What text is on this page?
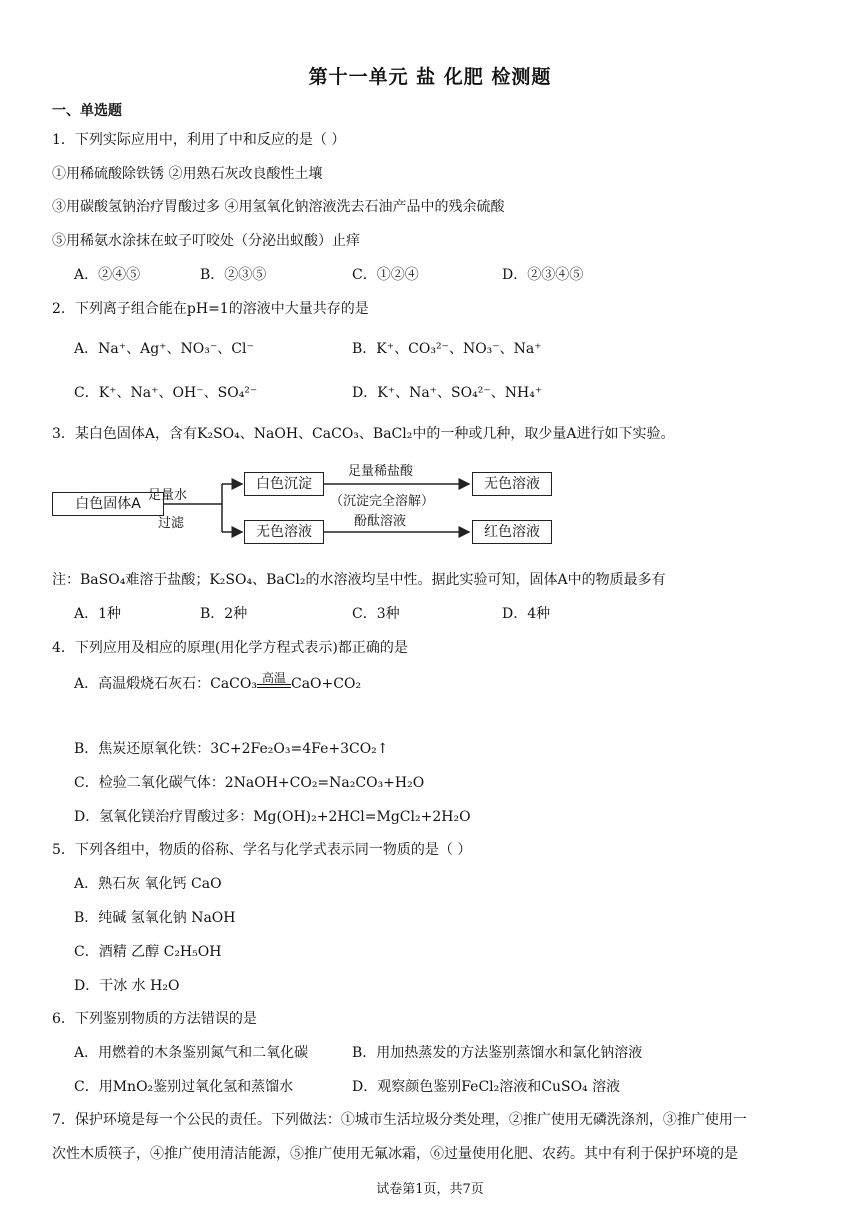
第十一单元 盐 化肥 检测题
一、单选题
1．下列实际应用中，利用了中和反应的是（ ）
①用稀硫酸除铁锈 ②用熟石灰改良酸性土壤
③用碳酸氢钠治疗胃酸过多 ④用氢氧化钠溶液洗去石油产品中的残余硫酸
⑤用稀氨水涂抹在蚊子叮咬处（分泌出蚁酸）止痒
A．②④⑤	B．②③⑤	C．①②④	D．②③④⑤
2．下列离子组合能在pH=1的溶液中大量共存的是
A．Na⁺、Ag⁺、NO₃⁻、Cl⁻	B．K⁺、CO₃²⁻、NO₃⁻、Na⁺
C．K⁺、Na⁺、OH⁻、SO₄²⁻	D．K⁺、Na⁺、SO₄²⁻、NH₄⁺
3．某白色固体A，含有K₂SO₄、NaOH、CaCO₃、BaCl₂中的一种或几种，取少量A进行如下实验。
白色固体A
足量水
过滤
白色沉淀
无色溶液
足量稀盐酸
（沉淀完全溶解）
酚酞溶液
无色溶液
红色溶液
注：BaSO₄难溶于盐酸；K₂SO₄、BaCl₂的水溶液均呈中性。据此实验可知，固体A中的物质最多有
A．1种	B．2种	C．3种	D．4种
4．下列应用及相应的原理(用化学方程式表示)都正确的是
A．高温煅烧石灰石：CaCO₃ 高温 CaO+CO₂
B．焦炭还原氧化铁：3C+2Fe₂O₃=4Fe+3CO₂↑
C．检验二氧化碳气体：2NaOH+CO₂=Na₂CO₃+H₂O
D．氢氧化镁治疗胃酸过多：Mg(OH)₂+2HCl=MgCl₂+2H₂O
5．下列各组中，物质的俗称、学名与化学式表示同一物质的是（ ）
A．熟石灰 氧化钙 CaO
B．纯碱 氢氧化钠 NaOH
C．酒精 乙醇 C₂H₅OH
D．干冰 水 H₂O
6．下列鉴别物质的方法错误的是
A．用燃着的木条鉴别氮气和二氧化碳	B．用加热蒸发的方法鉴别蒸馏水和氯化钠溶液
C．用MnO₂鉴别过氧化氢和蒸馏水	D．观察颜色鉴别FeCl₂溶液和CuSO₄ 溶液
7．保护环境是每一个公民的责任。下列做法：①城市生活垃圾分类处理，②推广使用无磷洗涤剂，③推广使用一
次性木质筷子，④推广使用清洁能源，⑤推广使用无氟冰霜，⑥过量使用化肥、农药。其中有利于保护环境的是
试卷第1页，共7页
